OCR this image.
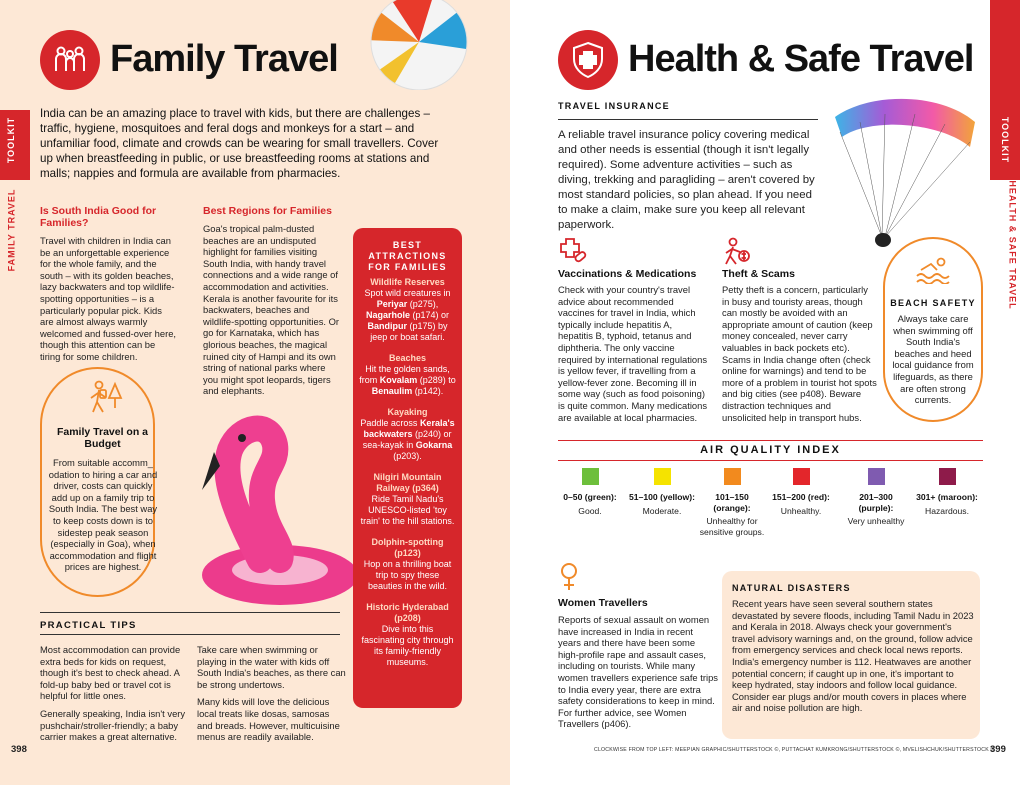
TOOLKIT
FAMILY TRAVEL
Family Travel
India can be an amazing place to travel with kids, but there are challenges – traffic, hygiene, mosquitoes and feral dogs and monkeys for a start – and unfamiliar food, climate and crowds can be wearing for small travellers. Cover up when breastfeeding in public, or use breastfeeding rooms at stations and malls; nappies and formula are available from pharmacies.
Is South India Good for Families?
Travel with children in India can be an unforgettable experience for the whole family, and the south – with its golden beaches, lazy backwaters and top wildlife-spotting opportunities – is a particularly popular pick. Kids are almost always warmly welcomed and fussed-over here, though this attention can be tiring for some children.
Best Regions for Families
Goa's tropical palm-dusted beaches are an undisputed highlight for families visiting South India, with handy travel connections and a wide range of accommodation and activities. Kerala is another favourite for its backwaters, beaches and wildlife-spotting opportunities. Or go for Karnataka, which has glorious beaches, the magical ruined city of Hampi and its own string of national parks where you might spot leopards, tigers and elephants.
Family Travel on a Budget
From suitable accomm_ odation to hiring a car and driver, costs can quickly add up on a family trip to South India. The best way to keep costs down is to sidestep peak season (especially in Goa), when accommodation and flight prices are highest.
BEST ATTRACTIONS FOR FAMILIES

Wildlife Reserves
Spot wild creatures in Periyar (p275), Nagarhole (p174) or Bandipur (p175) by jeep or boat safari.

Beaches
Hit the golden sands, from Kovalam (p289) to Benaulim (p142).

Kayaking
Paddle across Kerala's backwaters (p240) or sea-kayak in Gokarna (p203).

Nilgiri Mountain Railway (p364)
Ride Tamil Nadu's UNESCO-listed 'toy train' to the hill stations.

Dolphin-spotting (p123)
Hop on a thrilling boat trip to spy these beauties in the wild.

Historic Hyderabad (p208)
Dive into this fascinating city through its family-friendly museums.

PRACTICAL TIPS
Most accommodation can provide extra beds for kids on request, though it's best to check ahead. A fold-up baby bed or travel cot is helpful for little ones.
Generally speaking, India isn't very pushchair/stroller-friendly; a baby carrier makes a great alternative.
Take care when swimming or playing in the water with kids off South India's beaches, as there can be strong undertows.
Many kids will love the delicious local treats like dosas, samosas and breads. However, multicuisine menus are readily available.
398
TOOLKIT
HEALTH & SAFE TRAVEL
Health & Safe Travel
TRAVEL INSURANCE
A reliable travel insurance policy covering medical and other needs is essential (though it isn't legally required). Some adventure activities – such as diving, trekking and paragliding – aren't covered by most standard policies, so plan ahead. If you need to make a claim, make sure you keep all relevant paperwork.
Vaccinations & Medications
Check with your country's travel advice about recommended vaccines for travel in India, which typically include hepatitis A, hepatitis B, typhoid, tetanus and diphtheria. The only vaccine required by international regulations is yellow fever, if travelling from a yellow-fever zone. Becoming ill in some way (such as food poisoning) is quite common. Many medications are available at local pharmacies.
Theft & Scams
Petty theft is a concern, particularly in busy and touristy areas, though can mostly be avoided with an appropriate amount of caution (keep money concealed, never carry valuables in back pockets etc). Scams in India change often (check online for warnings) and tend to be more of a problem in tourist hot spots and big cities (see p408). Beware distraction techniques and unsolicited help in transport hubs.
BEACH SAFETY
Always take care when swimming off South India's beaches and heed local guidance from lifeguards, as there are often strong currents.
AIR QUALITY INDEX
0–50 (green):
Good.
51–100 (yellow):
Moderate.
101–150 (orange):
Unhealthy for sensitive groups.
151–200 (red):
Unhealthy.
201–300 (purple):
Very unhealthy
301+ (maroon):
Hazardous.
Women Travellers
Reports of sexual assault on women have increased in India in recent years and there have been some high-profile rape and assault cases, including on tourists. While many women travellers experience safe trips to India every year, there are extra safety considerations to keep in mind. For further advice, see Women Travellers (p406).
NATURAL DISASTERS
Recent years have seen several southern states devastated by severe floods, including Tamil Nadu in 2023 and Kerala in 2018. Always check your government's travel advisory warnings and, on the ground, follow advice from emergency services and check local news reports. India's emergency number is 112. Heatwaves are another potential concern; if caught up in one, it's important to keep hydrated, stay indoors and follow local guidance. Consider ear plugs and/or mouth covers in places where air and noise pollution are high.
CLOCKWISE FROM TOP LEFT: MEEPIAN GRAPHIC/SHUTTERSTOCK ©, PUTTACHAT KUMKRONG/SHUTTERSTOCK ©, MVELISHCHUK/SHUTTERSTOCK ©
399
